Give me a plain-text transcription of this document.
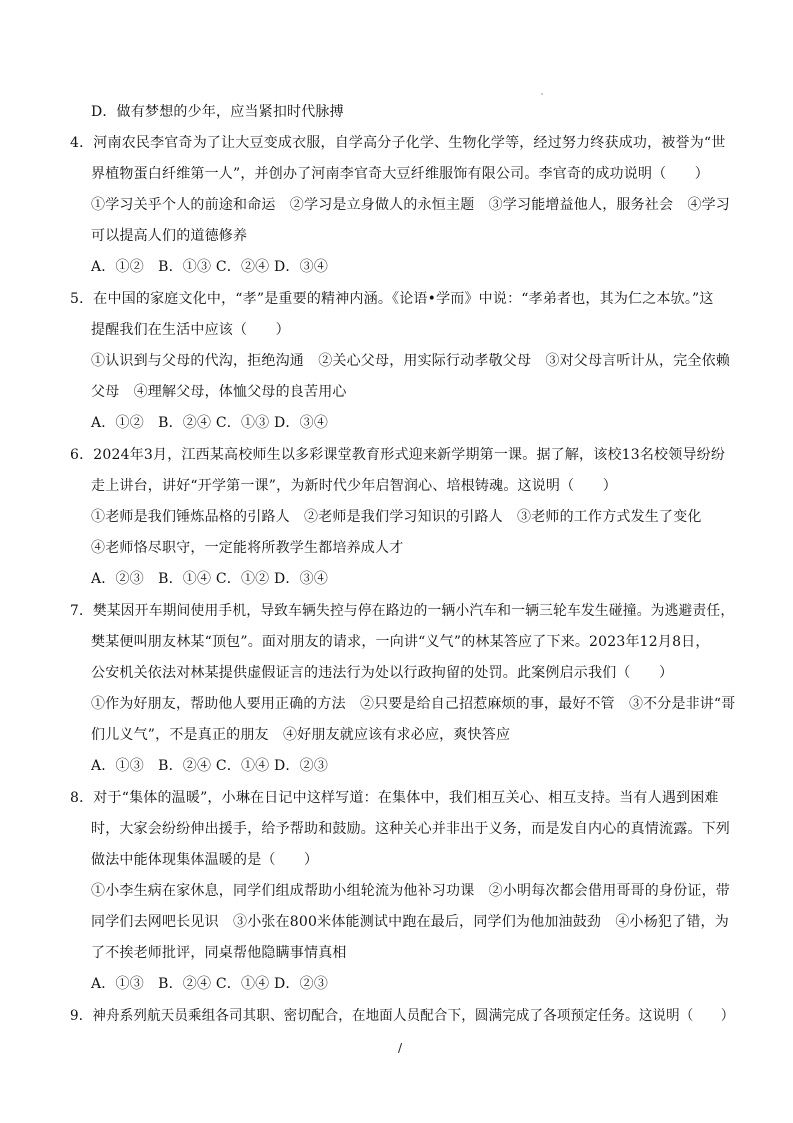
D．做有梦想的少年，应当紧扣时代脉搏
4．河南农民李官奇为了让大豆变成衣服，自学高分子化学、生物化学等，经过努力终获成功，被誉为“世
界植物蛋白纤维第一人”，并创办了河南李官奇大豆纤维服饰有限公司。李官奇的成功说明（　　）
①学习关乎个人的前途和命运　②学习是立身做人的永恒主题　③学习能增益他人，服务社会　④学习
可以提高人们的道德修养
A．①②　B．①③ C．②④ D．③④
5．在中国的家庭文化中，“孝”是重要的精神内涵。《论语•学而》中说：“孝弟者也，其为仁之本欤。”这
提醒我们在生活中应该（　　）
①认识到与父母的代沟，拒绝沟通　②关心父母，用实际行动孝敬父母　③对父母言听计从，完全依赖
父母　④理解父母，体恤父母的良苦用心
A．①②　B．②④ C．①③ D．③④
6．2024年3月，江西某高校师生以多彩课堂教育形式迎来新学期第一课。据了解，该校13名校领导纷纷
走上讲台，讲好“开学第一课”，为新时代少年启智润心、培根铸魂。这说明（　　）
①老师是我们锤炼品格的引路人　②老师是我们学习知识的引路人　③老师的工作方式发生了变化
④老师恪尽职守，一定能将所教学生都培养成人才
A．②③　B．①④ C．①② D．③④
7．樊某因开车期间使用手机，导致车辆失控与停在路边的一辆小汽车和一辆三轮车发生碰撞。为逃避责任，
樊某便叫朋友林某“顶包”。面对朋友的请求，一向讲“义气”的林某答应了下来。2023年12月8日，
公安机关依法对林某提供虚假证言的违法行为处以行政拘留的处罚。此案例启示我们（　　）
①作为好朋友，帮助他人要用正确的方法　②只要是给自己招惹麻烦的事，最好不管　③不分是非讲“哥
们儿义气”，不是真正的朋友　④好朋友就应该有求必应，爽快答应
A．①③　B．②④ C．①④ D．②③
8．对于“集体的温暖”，小琳在日记中这样写道：在集体中，我们相互关心、相互支持。当有人遇到困难
时，大家会纷纷伸出援手，给予帮助和鼓励。这种关心并非出于义务，而是发自内心的真情流露。下列
做法中能体现集体温暖的是（　　）
①小李生病在家休息，同学们组成帮助小组轮流为他补习功课　②小明每次都会借用哥哥的身份证，带
同学们去网吧长见识　③小张在800米体能测试中跑在最后，同学们为他加油鼓劲　④小杨犯了错，为
了不挨老师批评，同桌帮他隐瞒事情真相
A．①③　B．②④ C．①④ D．②③
9．神舟系列航天员乘组各司其职、密切配合，在地面人员配合下，圆满完成了各项预定任务。这说明（　　）
/
